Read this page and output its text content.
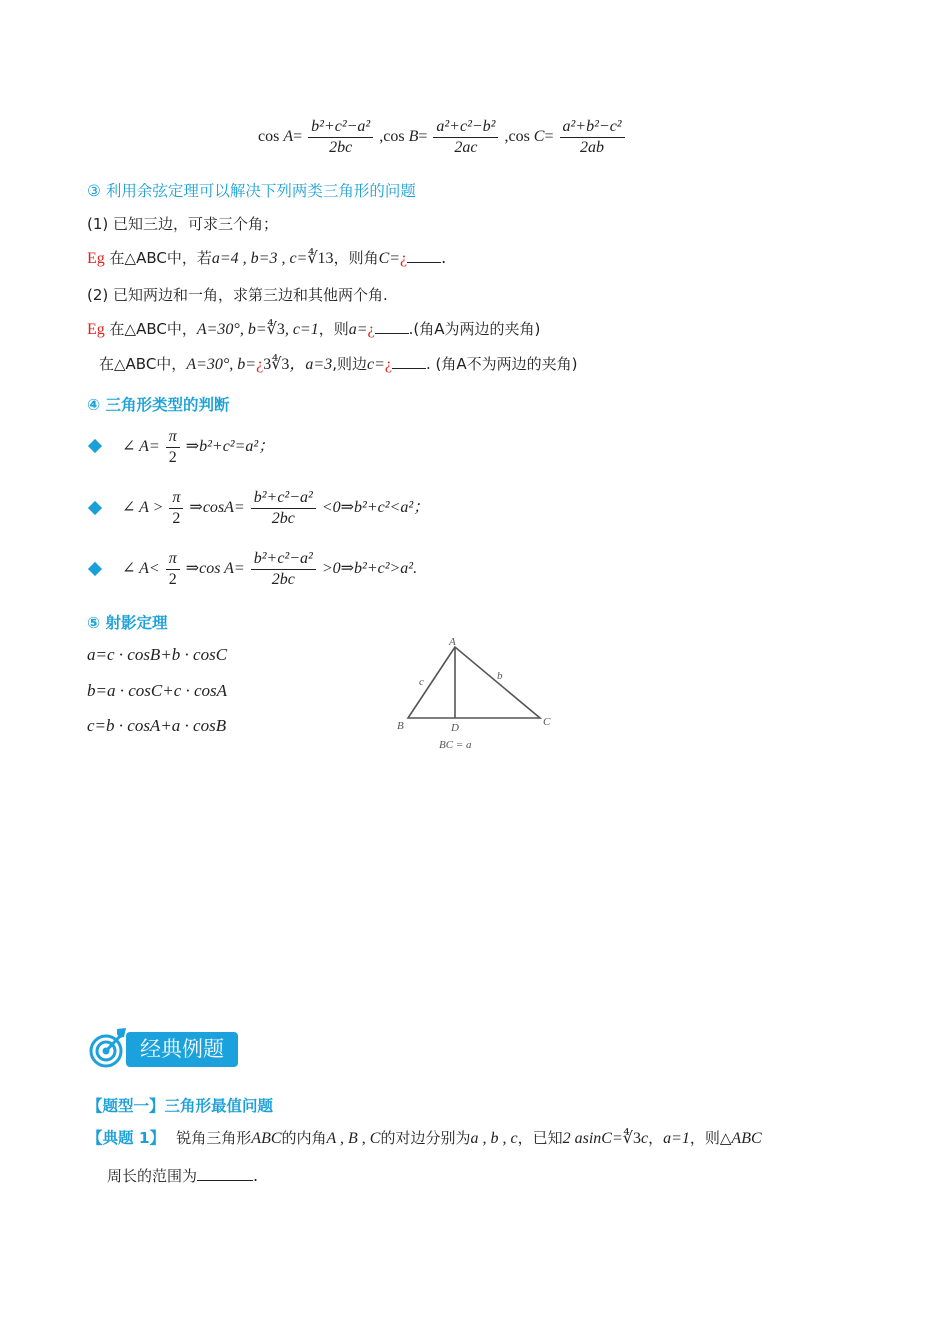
$\cos A= \frac{\text{b²+c²−a²}}{2bc} ,\cos$ $B= \frac{\text{a²+c²−b²}}{2ac} ,\cos$ $C= \frac{\text{a²+b²−c²}}{2ab}$
③ 利用余弦定理可以解决下列两类三角形的问题
(1) 已知三边，可求三个角；
Eg 在△ABC中，若a=4 , b=3 , c=∜13，则角C=¿ .
(2) 已知两边和一角，求第三边和其他两个角.
Eg 在△ABC中，A=30°, b=∜3, c=1，则a=¿ .(角A为两边的夹角)
在△ABC中，A=30°, b=¿3∜3，a=3,则边c=¿ . (角A不为两边的夹角)
④ 三角形类型的判断
∠ $A= \frac{\pi}{2}$ ⇒b²+c²=a²；
∠ $A > \frac{\pi}{2}$ ⇒cosA= $\frac{\text{b²+c²−a²}}{2bc}$ <0⇒b²+c²<a²；
∠ $A< \frac{\pi}{2}$ ⇒cos $A= \frac{\text{b²+c²−a²}}{2bc}$ >0⇒b²+c²>a².
⑤ 射影定理
a=c · cosB+b · cosC
b=a · cosC+c · cosA
c=b · cosA+a · cosB
A
B	C
D
b
c
BC = a
经典例题
【题型一】三角形最值问题
【典题 1】 锐角三角形ABC的内角A , B , C的对边分别为a , b , c，已知2 asinC=∜3c，a=1，则△ABC
周长的范围为	.
